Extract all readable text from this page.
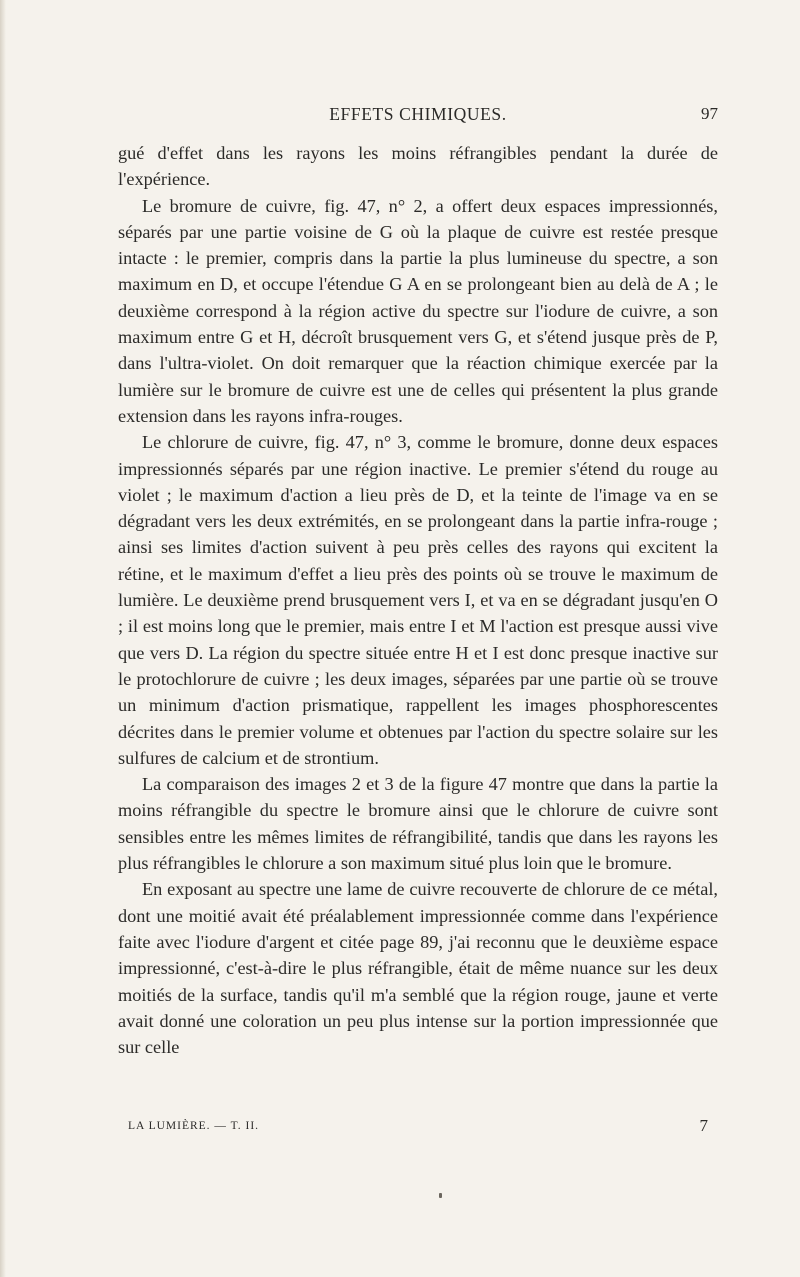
EFFETS CHIMIQUES.	97

gué d'effet dans les rayons les moins réfrangibles pendant la durée de l'expérience.

Le bromure de cuivre, fig. 47, n° 2, a offert deux espaces impressionnés, séparés par une partie voisine de G où la plaque de cuivre est restée presque intacte : le premier, compris dans la partie la plus lumineuse du spectre, a son maximum en D, et occupe l'étendue G A en se prolongeant bien au delà de A ; le deuxième correspond à la région active du spectre sur l'iodure de cuivre, a son maximum entre G et H, décroît brusquement vers G, et s'étend jusque près de P, dans l'ultra-violet. On doit remarquer que la réaction chimique exercée par la lumière sur le bromure de cuivre est une de celles qui présentent la plus grande extension dans les rayons infra-rouges.

Le chlorure de cuivre, fig. 47, n° 3, comme le bromure, donne deux espaces impressionnés séparés par une région inactive. Le premier s'étend du rouge au violet ; le maximum d'action a lieu près de D, et la teinte de l'image va en se dégradant vers les deux extrémités, en se prolongeant dans la partie infra-rouge ; ainsi ses limites d'action suivent à peu près celles des rayons qui excitent la rétine, et le maximum d'effet a lieu près des points où se trouve le maximum de lumière. Le deuxième prend brusquement vers I, et va en se dégradant jusqu'en O ; il est moins long que le premier, mais entre I et M l'action est presque aussi vive que vers D. La région du spectre située entre H et I est donc presque inactive sur le protochlorure de cuivre ; les deux images, séparées par une partie où se trouve un minimum d'action prismatique, rappellent les images phosphorescentes décrites dans le premier volume et obtenues par l'action du spectre solaire sur les sulfures de calcium et de strontium.

La comparaison des images 2 et 3 de la figure 47 montre que dans la partie la moins réfrangible du spectre le bromure ainsi que le chlorure de cuivre sont sensibles entre les mêmes limites de réfrangibilité, tandis que dans les rayons les plus réfrangibles le chlorure a son maximum situé plus loin que le bromure.

En exposant au spectre une lame de cuivre recouverte de chlorure de ce métal, dont une moitié avait été préalablement impressionnée comme dans l'expérience faite avec l'iodure d'argent et citée page 89, j'ai reconnu que le deuxième espace impressionné, c'est-à-dire le plus réfrangible, était de même nuance sur les deux moitiés de la surface, tandis qu'il m'a semblé que la région rouge, jaune et verte avait donné une coloration un peu plus intense sur la portion impressionnée que sur celle

LA LUMIÈRE. — T. II.	7
